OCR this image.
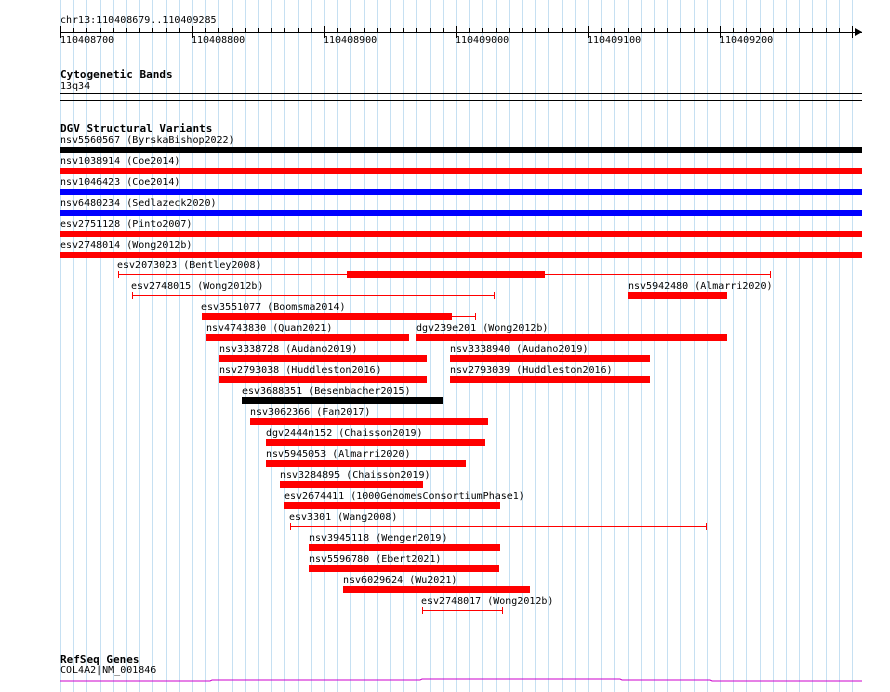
chr13:110408679..110409285
110408700	110408800	110408900	110409000	110409100	110409200
Cytogenetic Bands
13q34
DGV Structural Variants
nsv5560567 (ByrskaBishop2022)
nsv1038914 (Coe2014)
nsv1046423 (Coe2014)
nsv6480234 (Sedlazeck2020)
esv2751128 (Pinto2007)
esv2748014 (Wong2012b)
esv2073023 (Bentley2008)
esv2748015 (Wong2012b)	nsv5942480 (Almarri2020)
esv3551077 (Boomsma2014)
nsv4743830 (Quan2021)	dgv239e201 (Wong2012b)
nsv3338728 (Audano2019)	nsv3338940 (Audano2019)
nsv2793038 (Huddleston2016)	nsv2793039 (Huddleston2016)
esv3688351 (Besenbacher2015)
nsv3062366 (Fan2017)
dgv2444n152 (Chaisson2019)
nsv5945053 (Almarri2020)
nsv3284895 (Chaisson2019)
esv2674411 (1000GenomesConsortiumPhase1)
esv3301 (Wang2008)
nsv3945118 (Wenger2019)
nsv5596780 (Ebert2021)
nsv6029624 (Wu2021)
esv2748017 (Wong2012b)
RefSeq Genes
COL4A2|NM_001846
